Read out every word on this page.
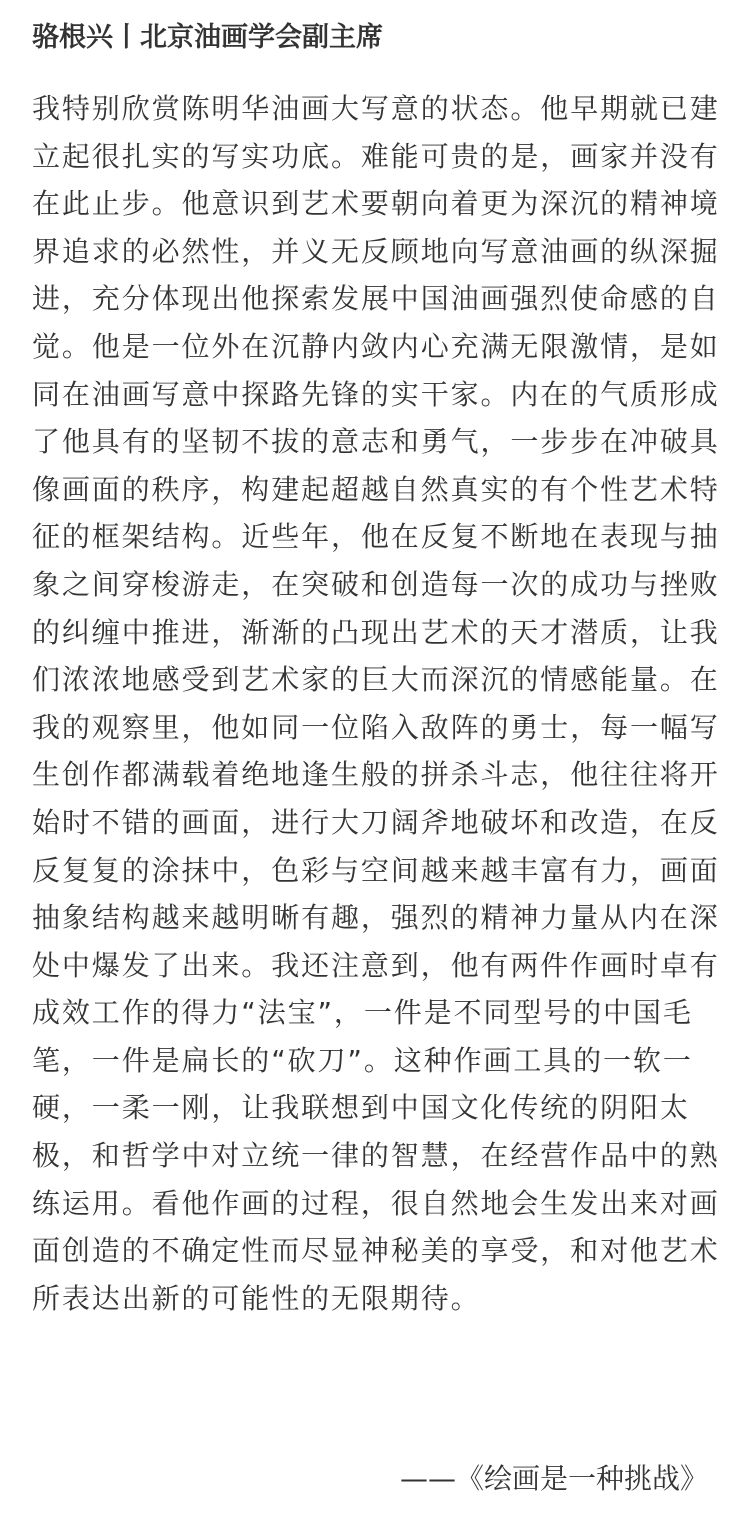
骆根兴丨北京油画学会副主席

我特别欣赏陈明华油画大写意的状态。他早期就已建
立起很扎实的写实功底。难能可贵的是，画家并没有
在此止步。他意识到艺术要朝向着更为深沉的精神境
界追求的必然性，并义无反顾地向写意油画的纵深掘
进，充分体现出他探索发展中国油画强烈使命感的自
觉。他是一位外在沉静内敛内心充满无限激情，是如
同在油画写意中探路先锋的实干家。内在的气质形成
了他具有的坚韧不拔的意志和勇气，一步步在冲破具
像画面的秩序，构建起超越自然真实的有个性艺术特
征的框架结构。近些年，他在反复不断地在表现与抽
象之间穿梭游走，在突破和创造每一次的成功与挫败
的纠缠中推进，渐渐的凸现出艺术的天才潜质，让我
们浓浓地感受到艺术家的巨大而深沉的情感能量。在
我的观察里，他如同一位陷入敌阵的勇士，每一幅写
生创作都满载着绝地逢生般的拼杀斗志，他往往将开
始时不错的画面，进行大刀阔斧地破坏和改造，在反
反复复的涂抹中，色彩与空间越来越丰富有力，画面
抽象结构越来越明晰有趣，强烈的精神力量从内在深
处中爆发了出来。我还注意到，他有两件作画时卓有
成效工作的得力“法宝”，一件是不同型号的中国毛
笔，一件是扁长的“砍刀”。这种作画工具的一软一
硬，一柔一刚，让我联想到中国文化传统的阴阳太
极，和哲学中对立统一律的智慧，在经营作品中的熟
练运用。看他作画的过程，很自然地会生发出来对画
面创造的不确定性而尽显神秘美的享受，和对他艺术
所表达出新的可能性的无限期待。

——《绘画是一种挑战》
